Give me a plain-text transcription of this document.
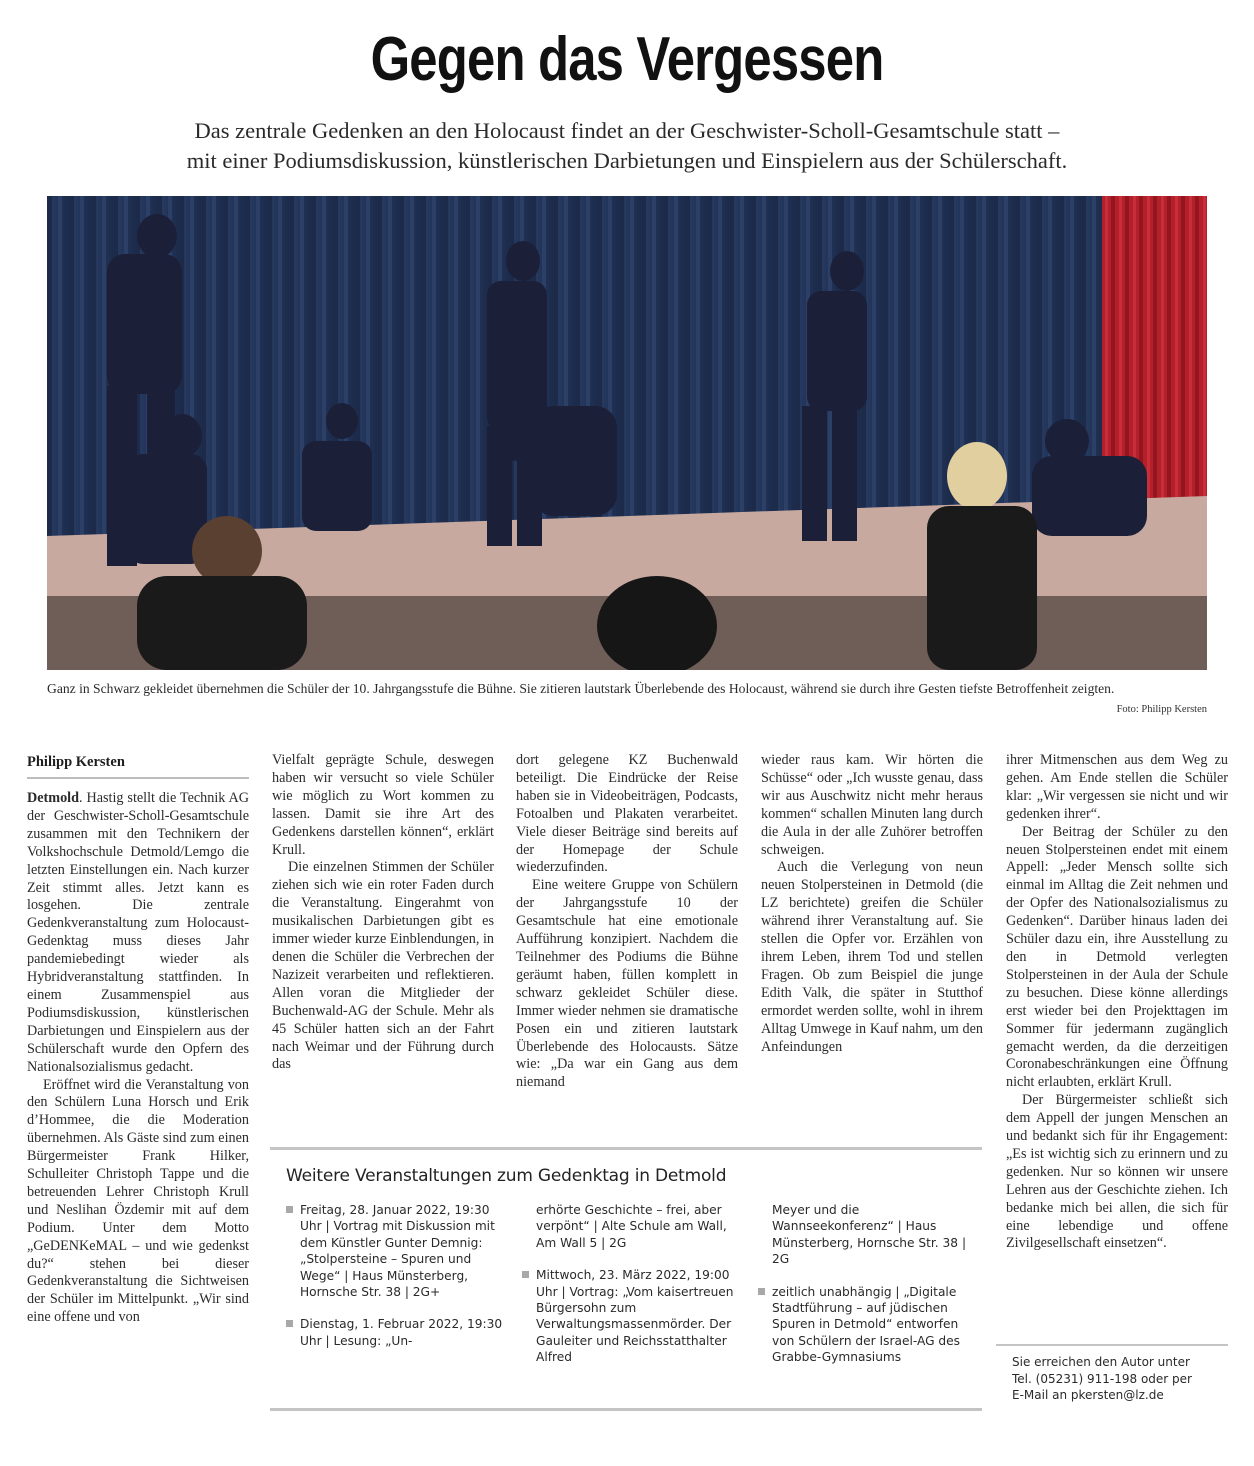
Gegen das Vergessen
Das zentrale Gedenken an den Holocaust findet an der Geschwister-Scholl-Gesamtschule statt –
mit einer Podiumsdiskussion, künstlerischen Darbietungen und Einspielern aus der Schülerschaft.
Ganz in Schwarz gekleidet übernehmen die Schüler der 10. Jahrgangsstufe die Bühne. Sie zitieren lautstark Überlebende des Holocaust, während sie durch ihre Gesten tiefste Betroffenheit zeigten.
Foto: Philipp Kersten
Philipp Kersten

Detmold. Hastig stellt die Technik AG der Geschwister-Scholl-Gesamtschule zusammen mit den Technikern der Volkshochschule Detmold/Lemgo die letzten Einstellungen ein. Nach kurzer Zeit stimmt alles. Jetzt kann es losgehen. Die zentrale Gedenkveranstaltung zum Holocaust-Gedenktag muss dieses Jahr pandemiebedingt wieder als Hybridveranstaltung stattfinden. In einem Zusammenspiel aus Podiumsdiskussion, künstlerischen Darbietungen und Einspielern aus der Schülerschaft wurde den Opfern des Nationalsozialismus gedacht.

Eröffnet wird die Veranstaltung von den Schülern Luna Horsch und Erik d’Hommee, die die Moderation übernehmen. Als Gäste sind zum einen Bürgermeister Frank Hilker, Schulleiter Christoph Tappe und die betreuenden Lehrer Christoph Krull und Neslihan Özdemir mit auf dem Podium. Unter dem Motto „GeDENKeMAL – und wie gedenkst du?“ stehen bei dieser Gedenkveranstaltung die Sichtweisen der Schüler im Mittelpunkt. „Wir sind eine offene und von

Vielfalt geprägte Schule, deswegen haben wir versucht so viele Schüler wie möglich zu Wort kommen zu lassen. Damit sie ihre Art des Gedenkens darstellen können“, erklärt Krull.

Die einzelnen Stimmen der Schüler ziehen sich wie ein roter Faden durch die Veranstaltung. Eingerahmt von musikalischen Darbietungen gibt es immer wieder kurze Einblendungen, in denen die Schüler die Verbrechen der Nazizeit verarbeiten und reflektieren. Allen voran die Mitglieder der Buchenwald-AG der Schule. Mehr als 45 Schüler hatten sich an der Fahrt nach Weimar und der Führung durch das

dort gelegene KZ Buchenwald beteiligt. Die Eindrücke der Reise haben sie in Videobeiträgen, Podcasts, Fotoalben und Plakaten verarbeitet. Viele dieser Beiträge sind bereits auf der Homepage der Schule wiederzufinden.

Eine weitere Gruppe von Schülern der Jahrgangsstufe 10 der Gesamtschule hat eine emotionale Aufführung konzipiert. Nachdem die Teilnehmer des Podiums die Bühne geräumt haben, füllen komplett in schwarz gekleidet Schüler diese. Immer wieder nehmen sie dramatische Posen ein und zitieren lautstark Überlebende des Holocausts. Sätze wie: „Da war ein Gang aus dem niemand

wieder raus kam. Wir hörten die Schüsse“ oder „Ich wusste genau, dass wir aus Auschwitz nicht mehr heraus kommen“ schallen Minuten lang durch die Aula in der alle Zuhörer betroffen schweigen.

Auch die Verlegung von neun neuen Stolpersteinen in Detmold (die LZ berichtete) greifen die Schüler während ihrer Veranstaltung auf. Sie stellen die Opfer vor. Erzählen von ihrem Leben, ihrem Tod und stellen Fragen. Ob zum Beispiel die junge Edith Valk, die später in Stutthof ermordet werden sollte, wohl in ihrem Alltag Umwege in Kauf nahm, um den Anfeindungen

ihrer Mitmenschen aus dem Weg zu gehen. Am Ende stellen die Schüler klar: „Wir vergessen sie nicht und wir gedenken ihrer“.

Der Beitrag der Schüler zu den neuen Stolpersteinen endet mit einem Appell: „Jeder Mensch sollte sich einmal im Alltag die Zeit nehmen und der Opfer des Nationalsozialismus zu Gedenken“. Darüber hinaus laden dei Schüler dazu ein, ihre Ausstellung zu den in Detmold verlegten Stolpersteinen in der Aula der Schule zu besuchen. Diese könne allerdings erst wieder bei den Projekttagen im Sommer für jedermann zugänglich gemacht werden, da die derzeitigen Coronabeschränkungen eine Öffnung nicht erlaubten, erklärt Krull.

Der Bürgermeister schließt sich dem Appell der jungen Menschen an und bedankt sich für ihr Engagement: „Es ist wichtig sich zu erinnern und zu gedenken. Nur so können wir unsere Lehren aus der Geschichte ziehen. Ich bedanke mich bei allen, die sich für eine lebendige und offene Zivilgesellschaft einsetzen“.

Weitere Veranstaltungen zum Gedenktag in Detmold
Freitag, 28. Januar 2022, 19:30 Uhr | Vortrag mit Diskussion mit dem Künstler Gunter Demnig: „Stolpersteine – Spuren und Wege“ | Haus Münsterberg, Hornsche Str. 38 | 2G+
Dienstag, 1. Februar 2022, 19:30 Uhr | Lesung: „Un-
erhörte Geschichte – frei, aber verpönt“ | Alte Schule am Wall, Am Wall 5 | 2G
Mittwoch, 23. März 2022, 19:00 Uhr | Vortrag: „Vom kaisertreuen Bürgersohn zum Verwaltungsmassenmörder. Der Gauleiter und Reichsstatthalter Alfred
Meyer und die Wannseekonferenz“ | Haus Münsterberg, Hornsche Str. 38 | 2G
zeitlich unabhängig | „Digitale Stadtführung – auf jüdischen Spuren in Detmold“ entworfen von Schülern der Israel-AG des Grabbe-Gymnasiums	Sie erreichen den Autor unter
Tel. (05231) 911-198 oder per
E-Mail an pkersten@lz.de
